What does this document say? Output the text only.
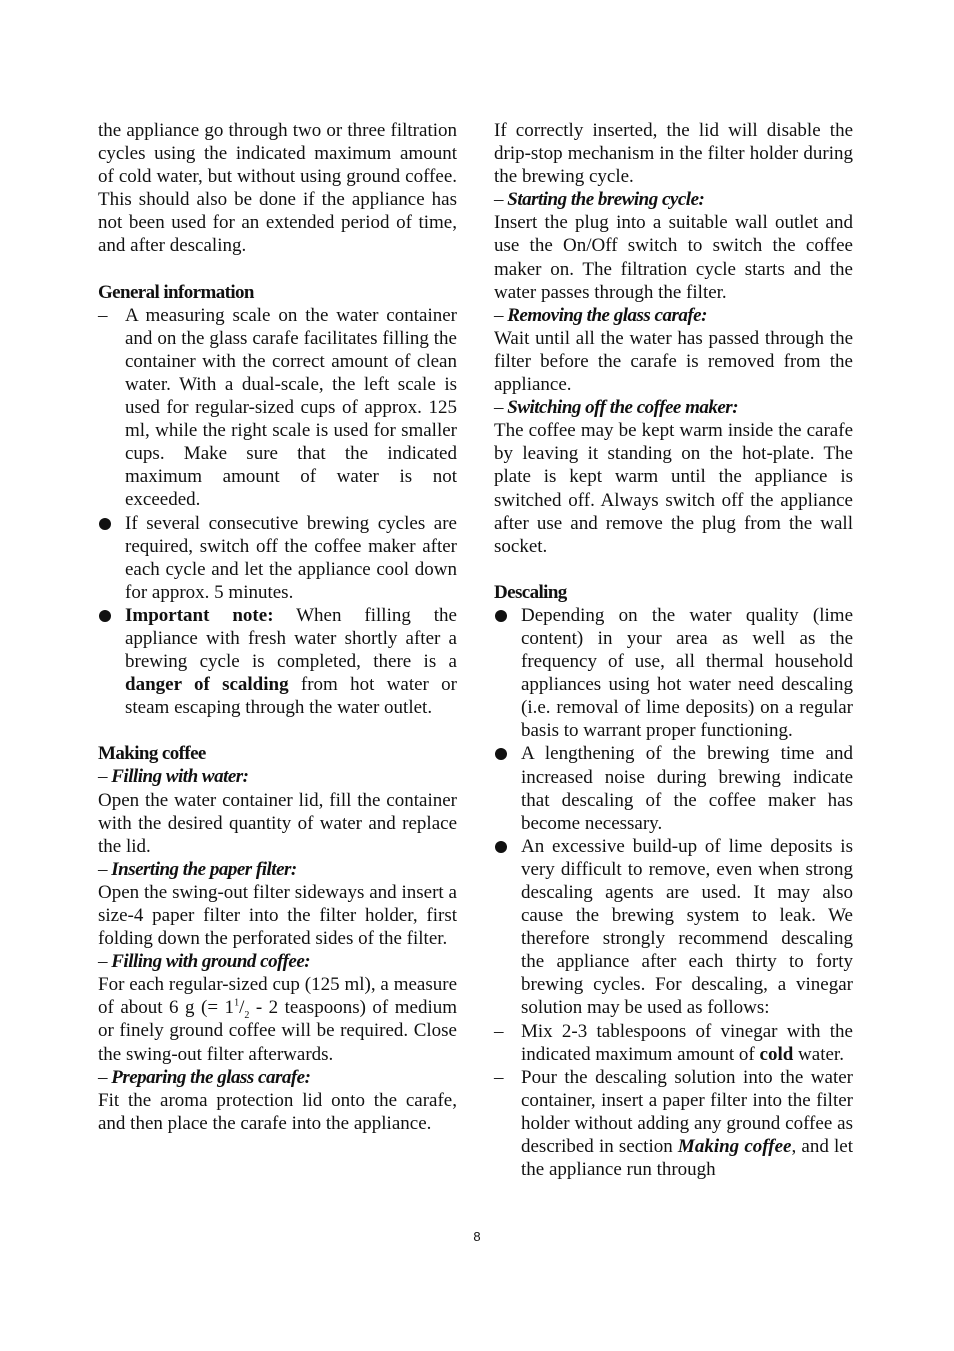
the appliance go through two or three filtration cycles using the indicated maximum amount of cold water, but without using ground coffee. This should also be done if the appliance has not been used for an extended period of time, and after descaling.

General information

– A measuring scale on the water container and on the glass carafe facilitates filling the container with the correct amount of clean water. With a dual-scale, the left scale is used for regular-sized cups of approx. 125 ml, while the right scale is used for smaller cups. Make sure that the indicated maximum amount of water is not exceeded.

If several consecutive brewing cycles are required, switch off the coffee maker after each cycle and let the appliance cool down for approx. 5 minutes.

Important note: When filling the appliance with fresh water shortly after a brewing cycle is completed, there is a danger of scalding from hot water or steam escaping through the water outlet.

Making coffee

– Filling with water:

Open the water container lid, fill the container with the desired quantity of water and replace the lid.

– Inserting the paper filter:

Open the swing-out filter sideways and insert a size-4 paper filter into the filter holder, first folding down the perforated sides of the filter.

– Filling with ground coffee:

For each regular-sized cup (125 ml), a measure of about 6 g (= $1^1/_2 - 2$ teaspoons) of medium or finely ground coffee will be required. Close the swing-out filter afterwards.

– Preparing the glass carafe:

Fit the aroma protection lid onto the carafe, and then place the carafe into the appliance.

If correctly inserted, the lid will disable the drip-stop mechanism in the filter holder during the brewing cycle.

– Starting the brewing cycle:

Insert the plug into a suitable wall outlet and use the On/Off switch to switch the coffee maker on. The filtration cycle starts and the water passes through the filter.

– Removing the glass carafe:

Wait until all the water has passed through the filter before the carafe is removed from the appliance.

– Switching off the coffee maker:

The coffee may be kept warm inside the carafe by leaving it standing on the hot-plate. The plate is kept warm until the appliance is switched off. Always switch off the appliance after use and remove the plug from the wall socket.

Descaling

Depending on the water quality (lime content) in your area as well as the frequency of use, all thermal household appliances using hot water need descaling (i.e. removal of lime deposits) on a regular basis to warrant proper functioning.

A lengthening of the brewing time and increased noise during brewing indicate that descaling of the coffee maker has become necessary.

An excessive build-up of lime deposits is very difficult to remove, even when strong descaling agents are used. It may also cause the brewing system to leak. We therefore strongly recommend descaling the appliance after each thirty to forty brewing cycles. For descaling, a vinegar solution may be used as follows:

– Mix 2-3 tablespoons of vinegar with the indicated maximum amount of cold water.

– Pour the descaling solution into the water container, insert a paper filter into the filter holder without adding any ground coffee as described in section Making coffee, and let the appliance run through

8
